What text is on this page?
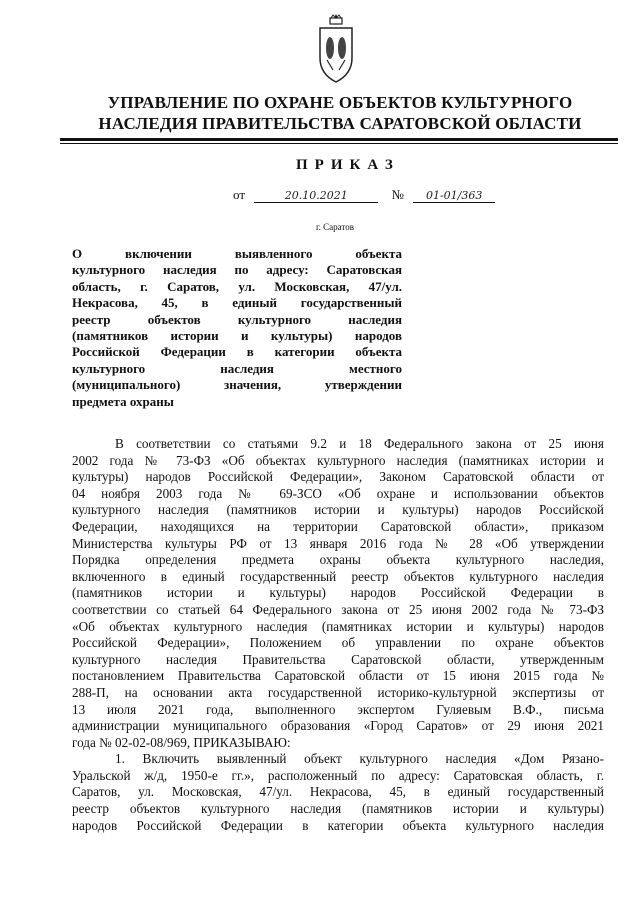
УПРАВЛЕНИЕ ПО ОХРАНЕ ОБЪЕКТОВ КУЛЬТУРНОГО
НАСЛЕДИЯ ПРАВИТЕЛЬСТВА САРАТОВСКОЙ ОБЛАСТИ
ПРИКАЗ
от	20.10.2021	№ 01-01/363
г. Саратов
О включении выявленного объекта
культурного наследия по адресу: Саратовская
область, г. Саратов, ул. Московская, 47/ул.
Некрасова, 45, в единый государственный
реестр объектов культурного наследия
(памятников истории и культуры) народов
Российской Федерации в категории объекта
культурного наследия местного
(муниципального) значения, утверждении
предмета охраны
В соответствии со статьями 9.2 и 18 Федерального закона от 25 июня
2002 года № 73-ФЗ «Об объектах культурного наследия (памятниках истории и
культуры) народов Российской Федерации», Законом Саратовской области от
04 ноября 2003 года № 69-ЗСО «Об охране и использовании объектов
культурного наследия (памятников истории и культуры) народов Российской
Федерации, находящихся на территории Саратовской области», приказом
Министерства культуры РФ от 13 января 2016 года № 28 «Об утверждении
Порядка определения предмета охраны объекта культурного наследия,
включенного в единый государственный реестр объектов культурного наследия
(памятников истории и культуры) народов Российской Федерации в
соответствии со статьей 64 Федерального закона от 25 июня 2002 года № 73-ФЗ
«Об объектах культурного наследия (памятниках истории и культуры) народов
Российской Федерации», Положением об управлении по охране объектов
культурного наследия Правительства Саратовской области, утвержденным
постановлением Правительства Саратовской области от 15 июня 2015 года №
288-П, на основании акта государственной историко-культурной экспертизы от
13 июля 2021 года, выполненного экспертом Гуляевым В.Ф., письма
администрации муниципального образования «Город Саратов» от 29 июня 2021
года № 02-02-08/969, ПРИКАЗЫВАЮ:
1. Включить выявленный объект культурного наследия «Дом Рязано-
Уральской ж/д, 1950-е гг.», расположенный по адресу: Саратовская область, г.
Саратов, ул. Московская, 47/ул. Некрасова, 45, в единый государственный
реестр объектов культурного наследия (памятников истории и культуры)
народов Российской Федерации в категории объекта культурного наследия
